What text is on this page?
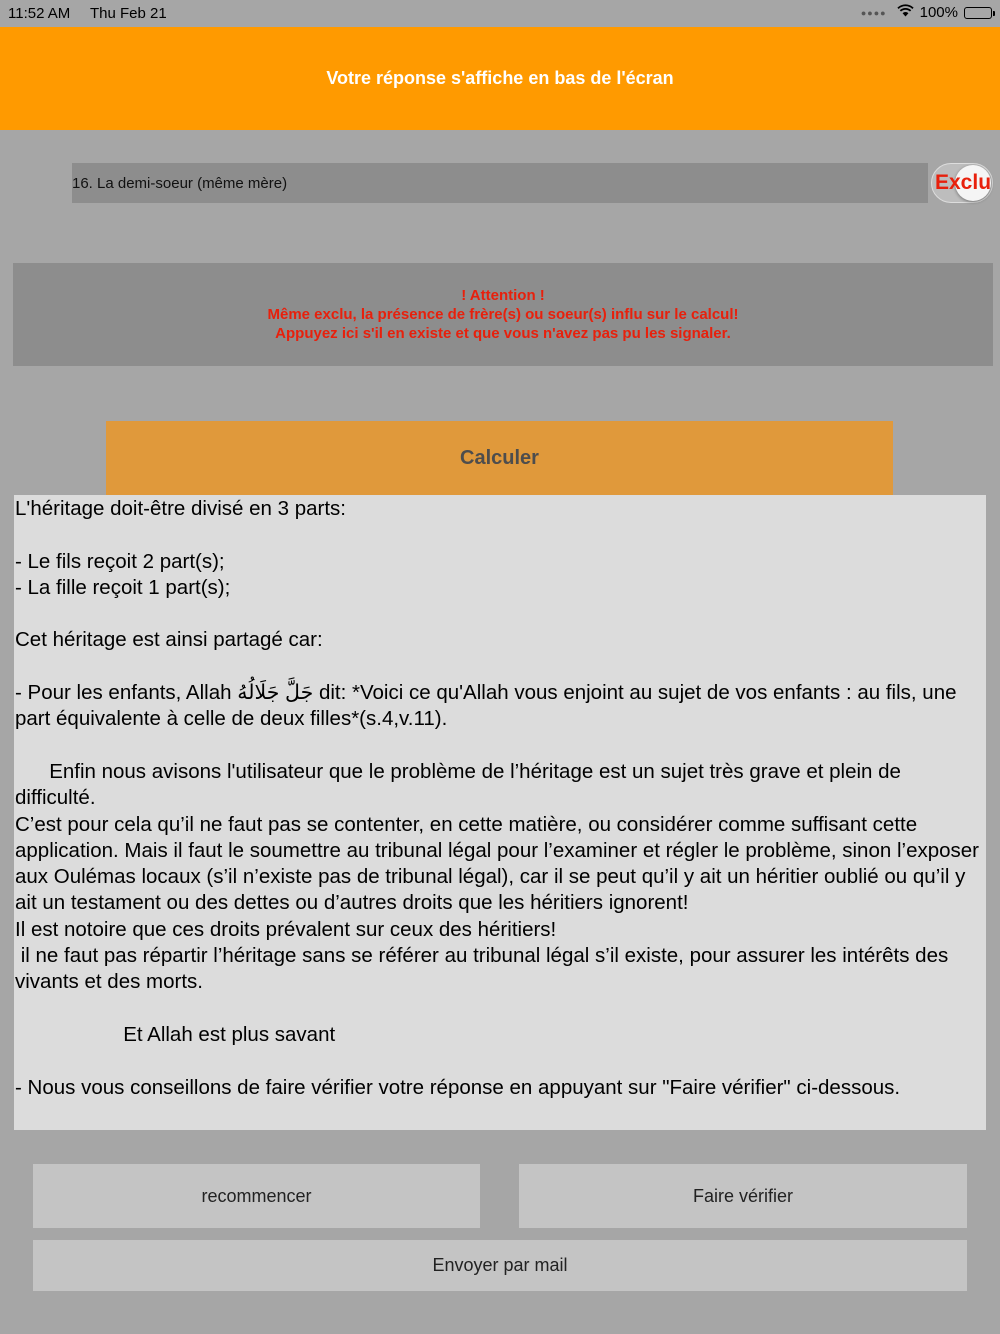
11:52 AM Thu Feb 21	●●●● 100%
Votre réponse s'affiche en bas de l'écran
16. La demi-soeur (même mère)	Exclu
! Attention !
Même exclu, la présence de frère(s) ou soeur(s) influ sur le calcul!
Appuyez ici s'il en existe et que vous n'avez pas pu les signaler.
Calculer

L'héritage doit-être divisé en 3 parts:

- Le fils reçoit 2 part(s);

- La fille reçoit 1 part(s);

Cet héritage est ainsi partagé car:

- Pour les enfants, Allah جَلَّ جَلَالُهُ dit: *Voici ce qu'Allah vous enjoint au sujet de vos enfants : au fils, une part équivalente à celle de deux filles*(s.4,v.11).

Enfin nous avisons l'utilisateur que le problème de l’héritage est un sujet très grave et plein de difficulté.

C’est pour cela qu’il ne faut pas se contenter, en cette matière, ou considérer comme suffisant cette application. Mais il faut le soumettre au tribunal légal pour l’examiner et régler le problème, sinon l’exposer aux Oulémas locaux (s’il n’existe pas de tribunal légal), car il se peut qu’il y ait un héritier oublié ou qu’il y ait un testament ou des dettes ou d’autres droits que les héritiers ignorent!

Il est notoire que ces droits prévalent sur ceux des héritiers!

il ne faut pas répartir l’héritage sans se référer au tribunal légal s’il existe, pour assurer les intérêts des vivants et des morts.

Et Allah est plus savant

- Nous vous conseillons de faire vérifier votre réponse en appuyant sur "Faire vérifier" ci-dessous.

recommencer	Faire vérifier
Envoyer par mail
